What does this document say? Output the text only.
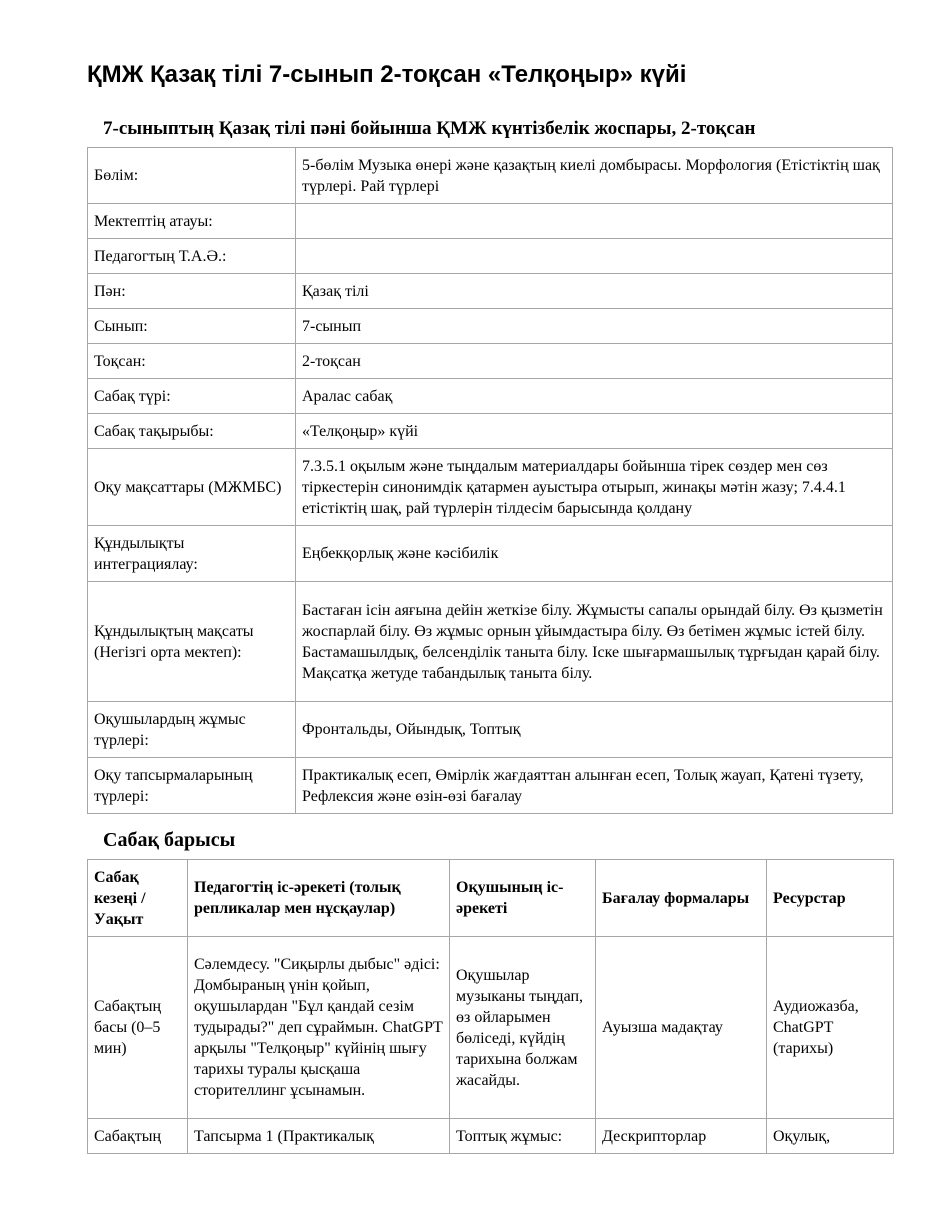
ҚМЖ Қазақ тілі 7-сынып 2-тоқсан «Телқоңыр» күйі
7-сыныптың Қазақ тілі пәні бойынша ҚМЖ күнтізбелік жоспары, 2-тоқсан
Бөлім:	5-бөлім Музыка өнері және қазақтың киелі домбырасы. Морфология (Етістіктің шақ түрлері. Рай түрлері
Мектептің атауы:	
Педагогтың Т.А.Ә.:	
Пән:	Қазақ тілі
Сынып:	7-сынып
Тоқсан:	2-тоқсан
Сабақ түрі:	Аралас сабақ
Сабақ тақырыбы:	«Телқоңыр» күйі
Оқу мақсаттары (МЖМБС)	7.3.5.1 оқылым және тыңдалым материалдары бойынша тірек сөздер мен сөз тіркестерін синонимдік қатармен ауыстыра отырып, жинақы мәтін жазу; 7.4.4.1 етістіктің шақ, рай түрлерін тілдесім барысында қолдану
Құндылықты интеграциялау:	Еңбекқорлық және кәсібилік
Құндылықтың мақсаты (Негізгі орта мектеп):	Бастаған ісін аяғына дейін жеткізе білу. Жұмысты сапалы орындай білу. Өз қызметін жоспарлай білу. Өз жұмыс орнын ұйымдастыра білу. Өз бетімен жұмыс істей білу. Бастамашылдық, белсенділік таныта білу. Іске шығармашылық тұрғыдан қарай білу. Мақсатқа жетуде табандылық таныта білу.
Оқушылардың жұмыс түрлері:	Фронтальды, Ойындық, Топтық
Оқу тапсырмаларының түрлері:	Практикалық есеп, Өмірлік жағдаяттан алынған есеп, Толық жауап, Қатені түзету, Рефлексия және өзін-өзі бағалау
Сабақ барысы
Сабақ кезеңі / Уақыт	Педагогтің іс-әрекеті (толық репликалар мен нұсқаулар)	Оқушының іс-әрекеті	Бағалау формалары	Ресурстар
Сабақтың басы (0–5 мин)	Сәлемдесу. "Сиқырлы дыбыс" әдісі: Домбыраның үнін қойып, оқушылардан "Бұл қандай сезім тудырады?" деп сұраймын. ChatGPT арқылы "Телқоңыр" күйінің шығу тарихы туралы қысқаша сторителлинг ұсынамын.	Оқушылар музыканы тыңдап, өз ойларымен бөліседі, күйдің тарихына болжам жасайды.	Ауызша мадақтау	Аудиожазба, ChatGPT (тарихы)
Сабақтың	Тапсырма 1 (Практикалық	Топтық жұмыс:	Дескрипторлар	Оқулық,
